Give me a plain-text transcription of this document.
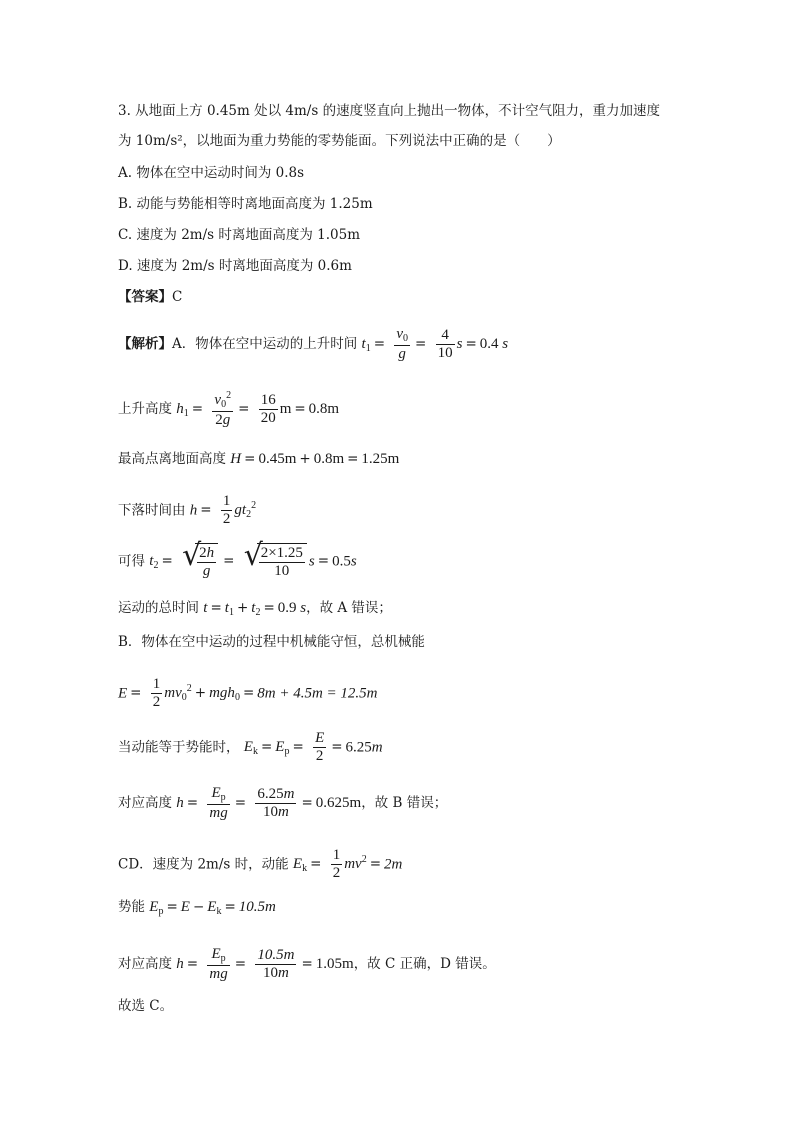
3. 从地面上方 0.45m 处以 4m/s 的速度竖直向上抛出一物体，不计空气阻力，重力加速度
为 10m/s²，以地面为重力势能的零势能面。下列说法中正确的是（　　）
A. 物体在空中运动时间为 0.8s
B. 动能与势能相等时离地面高度为 1.25m
C. 速度为 2m/s 时离地面高度为 1.05m
D. 速度为 2m/s 时离地面高度为 0.6m
【答案】C
【解析】A．物体在空中运动的上升时间 $t_1 = \frac{v_0}{g} = \frac{4}{10}$ s = 0.4 s
上升高度 $h_1 = \frac{v_0^2}{2g} = \frac{16}{20}$ m = 0.8m
最高点离地面高度 H = 0.45m + 0.8m = 1.25m
下落时间由 $h = \frac{1}{2} gt_2^2$
可得 $t_2$ = √
$\frac{2h}{g}$ = √
$\frac{2\times 1.25}{10}$ s = 0.5s
运动的总时间 $t = t_1 + t_2 = 0.9$ s，故 A 错误；
B．物体在空中运动的过程中机械能守恒，总机械能
$E = \frac{1}{2} mv_0^2 + mgh_0 = 8m + 4.5m = 12.5m$
当动能等于势能时， $E_k = E_p = \frac{E}{2} = 6.25m$
对应高度 $h = \frac{E_p}{mg} = \frac{6.25m}{10m} = 0.625m$，故 B 错误；
CD．速度为 2m/s 时，动能 $E_k = \frac{1}{2} mv^2 = 2m$
势能 $E_p = E - E_k = 10.5m$
对应高度 $h = \frac{E_p}{mg} = \frac{10.5m}{10m} = 1.05m$，故 C 正确，D 错误。
故选 C。
